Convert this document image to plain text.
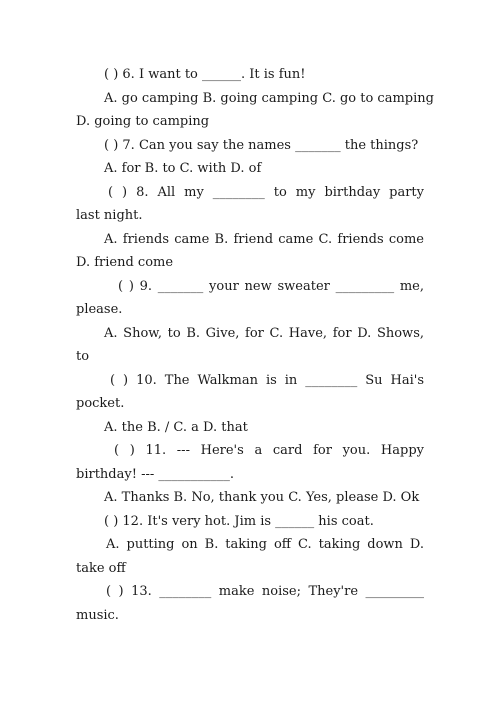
( ) 6. I want to ______. It is fun!
A. go camping B. going camping C. go to camping
D. going to camping
( ) 7. Can you say the names _______ the things?
A. for B. to C. with D. of
( ) 8. All my ________ to my birthday party
last night.
A. friends came B. friend came C. friends come
D. friend come
( ) 9. _______ your new sweater _________ me,
please.
A. Show, to B. Give, for C. Have, for D. Shows,
to
( ) 10. The Walkman is in ________ Su Hai's
pocket.
A. the B. / C. a D. that
( ) 11. --- Here's a card for you. Happy
birthday! --- ___________.
A. Thanks B. No, thank you C. Yes, please D. Ok
( ) 12. It's very hot. Jim is ______ his coat.
A. putting on B. taking off C. taking down D.
take off
( ) 13. ________ make noise; They're _________
music.
